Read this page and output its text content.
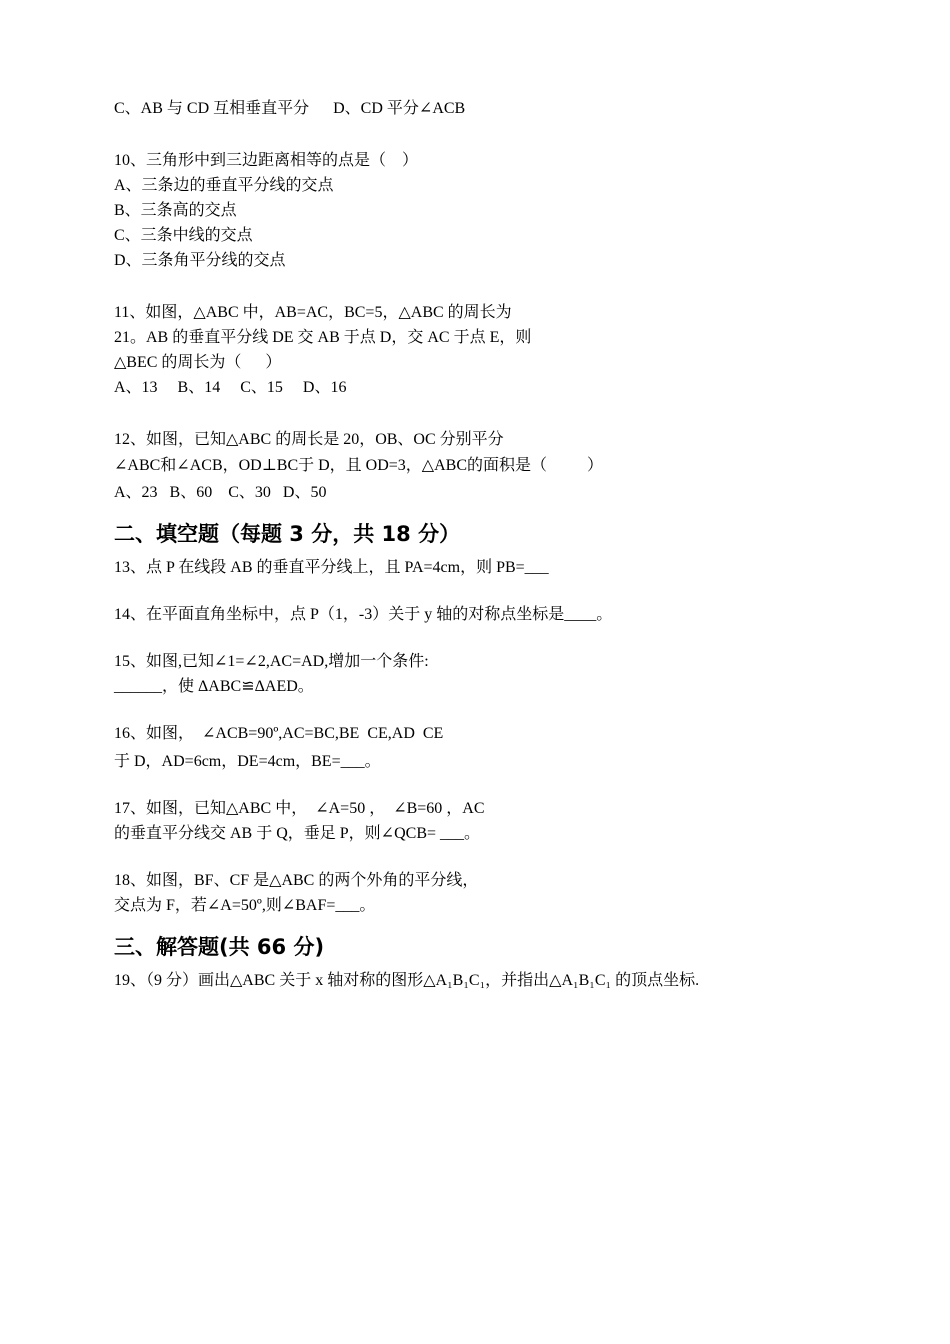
C、AB 与 CD 互相垂直平分      D、CD 平分∠ACB
10、三角形中到三边距离相等的点是（    ）
A、三条边的垂直平分线的交点
B、三条高的交点
C、三条中线的交点
D、三条角平分线的交点
11、如图，△ABC 中，AB=AC，BC=5，△ABC 的周长为
21。AB 的垂直平分线 DE 交 AB 于点 D，交 AC 于点 E，则
△BEC 的周长为（      ）
A、13     B、14     C、15     D、16
12、如图，已知△ABC 的周长是 20，OB、OC 分别平分
∠ABC和∠ACB，OD⊥BC于 D，且 OD=3，△ABC的面积是（          ）
A、23   B、60    C、30   D、50
二、填空题（每题 3 分，共 18 分）
13、点 P 在线段 AB 的垂直平分线上，且 PA=4cm，则 PB=___
14、在平面直角坐标中，点 P（1，-3）关于 y 轴的对称点坐标是____。
15、如图,已知∠1=∠2,AC=AD,增加一个条件:
______，使 ΔABC≌ΔAED。
16、如图，  ∠ACB=90º,AC=BC,BE  CE,AD  CE
于 D，AD=6cm，DE=4cm，BE=___。
17、如图，已知△ABC 中，  ∠A=50 ，  ∠B=60 ，AC
的垂直平分线交 AB 于 Q，垂足 P，则∠QCB= ___。
18、如图，BF、CF 是△ABC 的两个外角的平分线，
交点为 F，若∠A=50º,则∠BAF=___。
三、解答题(共 66 分)
19、（9 分）画出△ABC 关于 x 轴对称的图形△A₁B₁C₁，并指出△A₁B₁C₁ 的顶点坐标.
